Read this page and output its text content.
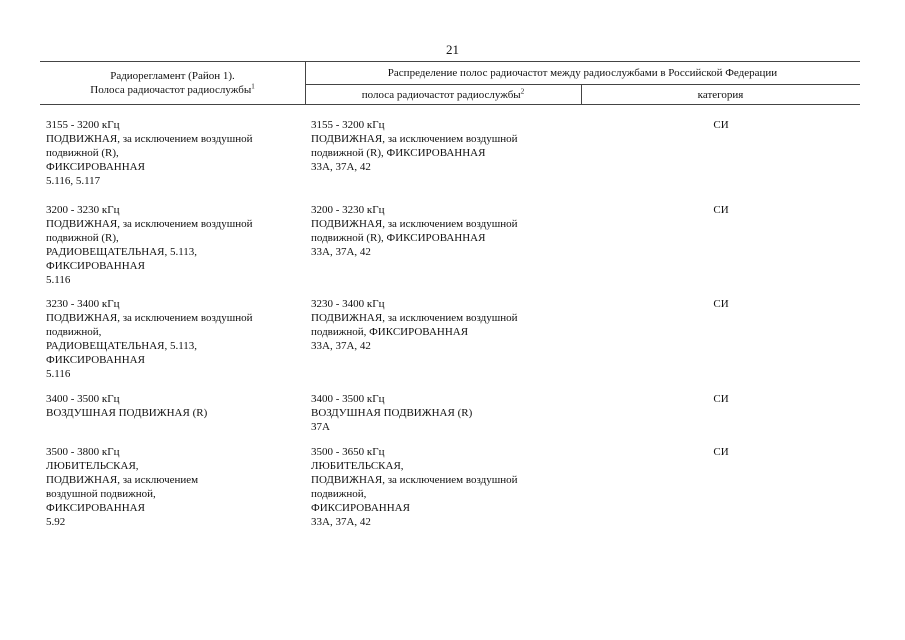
21
Радиорегламент (Район 1).
Полоса радиочастот радиослужбы$^1$
Распределение полос радиочастот между радиослужбами в Российской Федерации
полоса радиочастот радиослужбы$^2$	категория
3155 - 3200 кГц
ПОДВИЖНАЯ, за исключением воздушной
подвижной (R),
ФИКСИРОВАННАЯ
5.116, 5.117
3155 - 3200 кГц
ПОДВИЖНАЯ, за исключением воздушной
подвижной (R), ФИКСИРОВАННАЯ
33А, 37А, 42
СИ
3200 - 3230 кГц
ПОДВИЖНАЯ, за исключением воздушной
подвижной (R),
РАДИОВЕЩАТЕЛЬНАЯ, 5.113,
ФИКСИРОВАННАЯ
5.116
3200 - 3230 кГц
ПОДВИЖНАЯ, за исключением воздушной
подвижной (R), ФИКСИРОВАННАЯ
33А, 37А, 42
СИ
3230 - 3400 кГц
ПОДВИЖНАЯ, за исключением воздушной
подвижной,
РАДИОВЕЩАТЕЛЬНАЯ, 5.113,
ФИКСИРОВАННАЯ
5.116
3230 - 3400 кГц
ПОДВИЖНАЯ, за исключением воздушной
подвижной, ФИКСИРОВАННАЯ
33А, 37А, 42
СИ
3400 - 3500 кГц
ВОЗДУШНАЯ ПОДВИЖНАЯ (R)
3400 - 3500 кГц
ВОЗДУШНАЯ ПОДВИЖНАЯ (R)
37А
СИ
3500 - 3800 кГц
ЛЮБИТЕЛЬСКАЯ,
ПОДВИЖНАЯ, за исключением
воздушной подвижной,
ФИКСИРОВАННАЯ
5.92
3500 - 3650 кГц
ЛЮБИТЕЛЬСКАЯ,
ПОДВИЖНАЯ, за исключением воздушной
подвижной,
ФИКСИРОВАННАЯ
33А, 37А, 42
СИ
